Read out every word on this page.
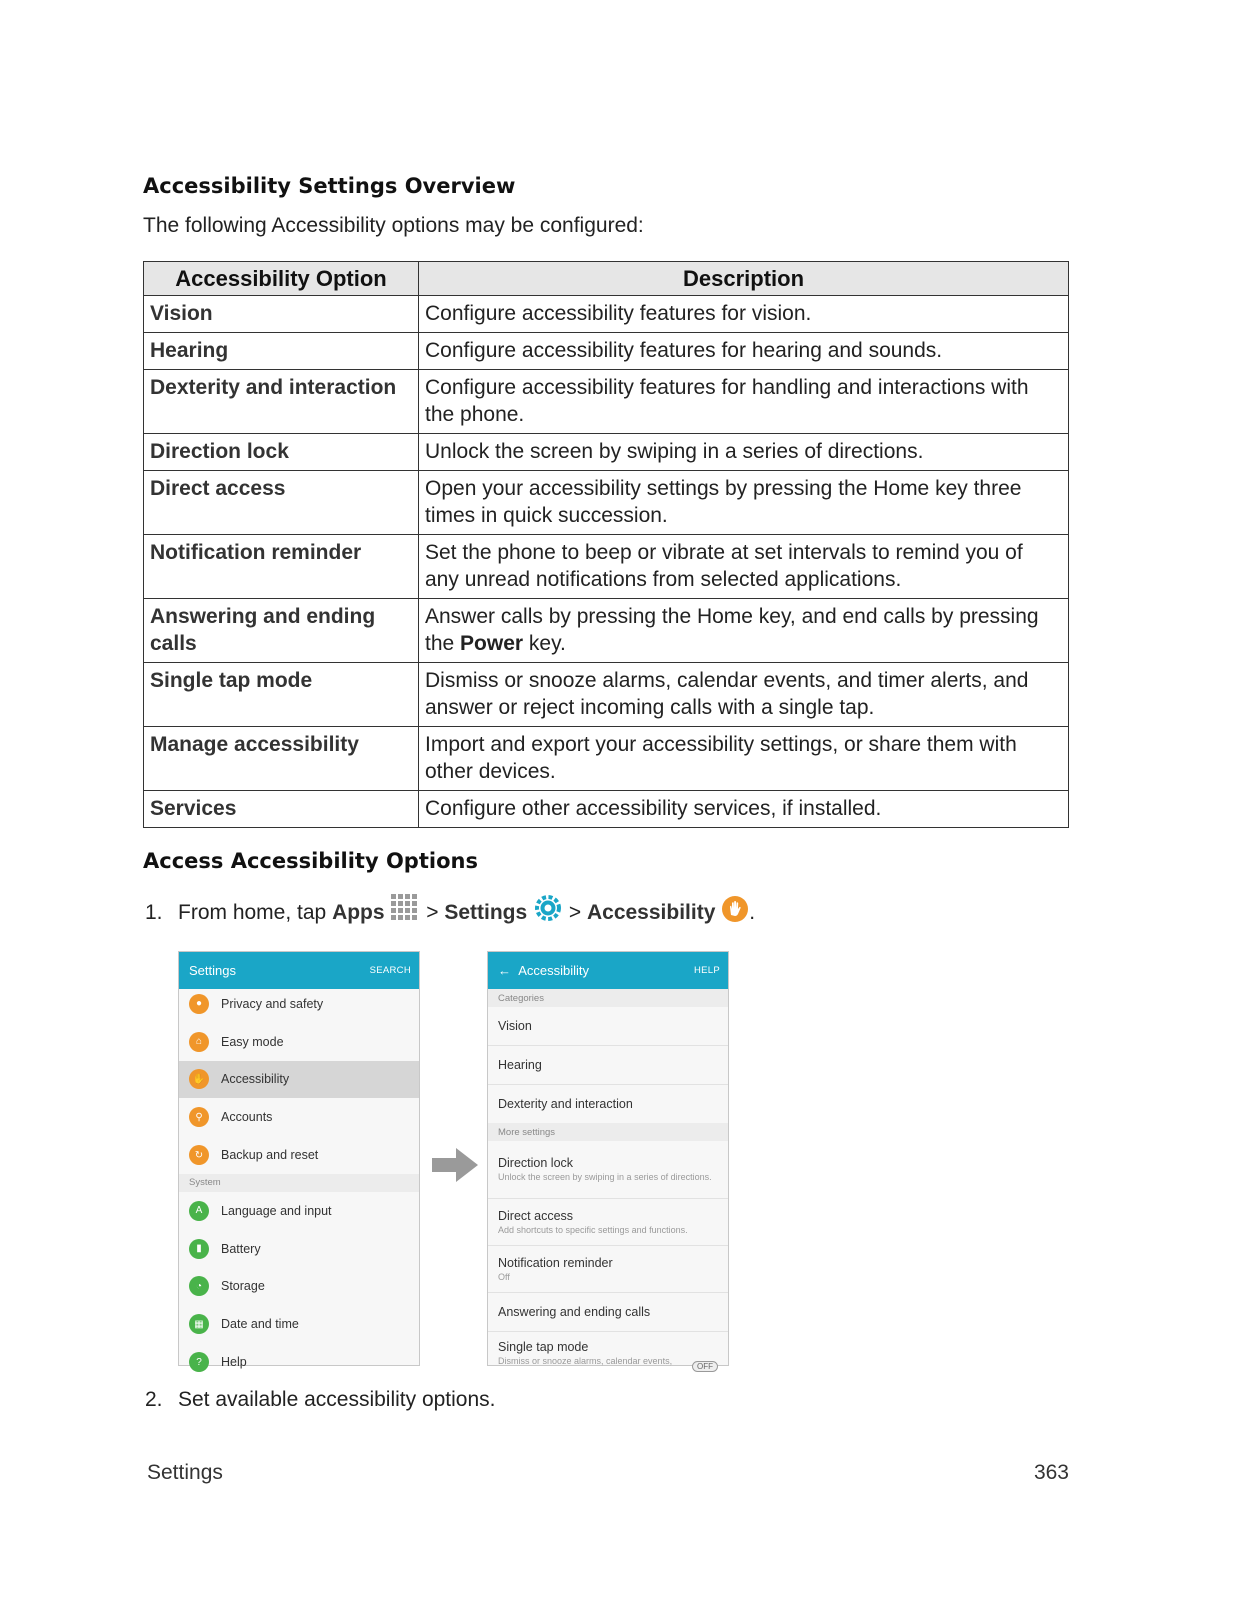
Accessibility Settings Overview
The following Accessibility options may be configured:
Accessibility Option	Description
Vision	Configure accessibility features for vision.
Hearing	Configure accessibility features for hearing and sounds.
Dexterity and interaction	Configure accessibility features for handling and interactions with the phone.
Direction lock	Unlock the screen by swiping in a series of directions.
Direct access	Open your accessibility settings by pressing the Home key three times in quick succession.
Notification reminder	Set the phone to beep or vibrate at set intervals to remind you of any unread notifications from selected applications.
Answering and ending calls	Answer calls by pressing the Home key, and end calls by pressing the Power key.
Single tap mode	Dismiss or snooze alarms, calendar events, and timer alerts, and answer or reject incoming calls with a single tap.
Manage accessibility	Import and export your accessibility settings, or share them with other devices.
Services	Configure other accessibility services, if installed.
Access Accessibility Options
1. From home, tap Apps  > Settings  > Accessibility .
Settings	SEARCH
●	Privacy and safety
⌂	Easy mode
✋	Accessibility
⚲	Accounts
↻	Backup and reset
System
A	Language and input
▮	Battery
◔	Storage
▦	Date and time
?	Help
←  Accessibility	HELP
Categories
Vision
Hearing
Dexterity and interaction
More settings
Direction lock
Unlock the screen by swiping in a series of directions.
Direct access
Add shortcuts to specific settings and functions.
Notification reminder
Off
Answering and ending calls
Single tap mode
Dismiss or snooze alarms, calendar events,
OFF
2. Set available accessibility options.
Settings	363
